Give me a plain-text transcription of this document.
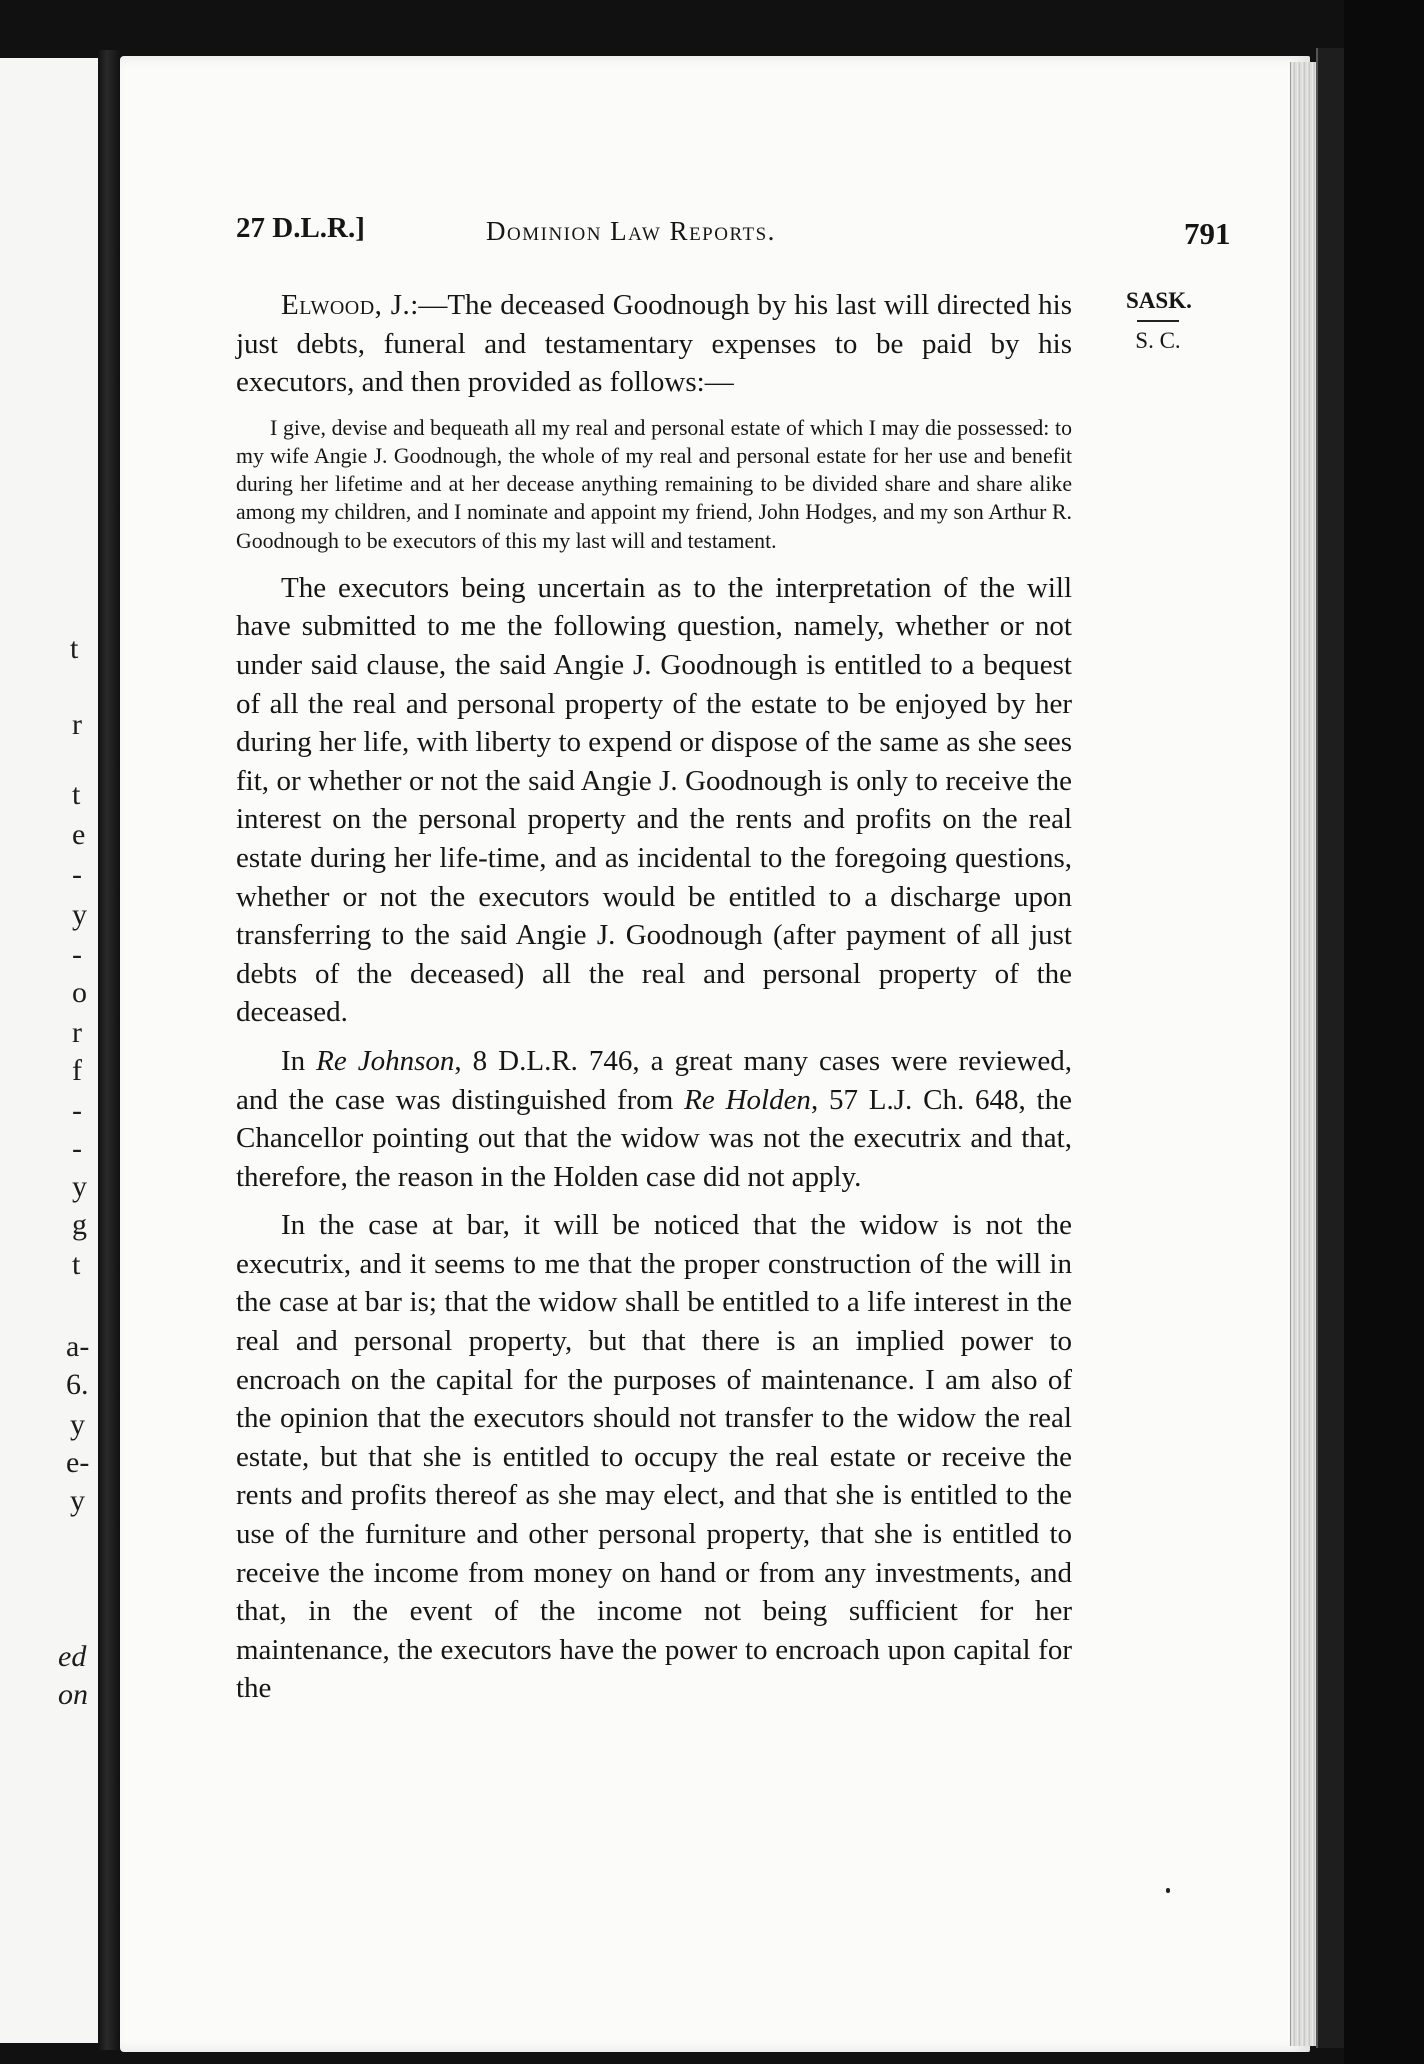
t
r
t
e
-
y
-
o
r
f
-
-
y
g
t
a-
6.
y
e-
y
ed
on
27 D.L.R.]	Dominion Law Reports.	791
SASK.
S. C.

Elwood, J.:—The deceased Goodnough by his last will directed his just debts, funeral and testamentary expenses to be paid by his executors, and then provided as follows:—

I give, devise and bequeath all my real and personal estate of which I may die possessed: to my wife Angie J. Goodnough, the whole of my real and personal estate for her use and benefit during her lifetime and at her decease anything remaining to be divided share and share alike among my children, and I nominate and appoint my friend, John Hodges, and my son Arthur R. Goodnough to be executors of this my last will and testament.

The executors being uncertain as to the interpretation of the will have submitted to me the following question, namely, whether or not under said clause, the said Angie J. Goodnough is entitled to a bequest of all the real and personal property of the estate to be enjoyed by her during her life, with liberty to expend or dispose of the same as she sees fit, or whether or not the said Angie J. Goodnough is only to receive the interest on the personal property and the rents and profits on the real estate during her life-time, and as incidental to the foregoing questions, whether or not the executors would be entitled to a discharge upon transferring to the said Angie J. Goodnough (after payment of all just debts of the deceased) all the real and personal property of the deceased.

In Re Johnson, 8 D.L.R. 746, a great many cases were reviewed, and the case was distinguished from Re Holden, 57 L.J. Ch. 648, the Chancellor pointing out that the widow was not the executrix and that, therefore, the reason in the Holden case did not apply.

In the case at bar, it will be noticed that the widow is not the executrix, and it seems to me that the proper construction of the will in the case at bar is; that the widow shall be entitled to a life interest in the real and personal property, but that there is an implied power to encroach on the capital for the purposes of maintenance. I am also of the opinion that the executors should not transfer to the widow the real estate, but that she is entitled to occupy the real estate or receive the rents and profits thereof as she may elect, and that she is entitled to the use of the furniture and other personal property, that she is entitled to receive the income from money on hand or from any investments, and that, in the event of the income not being sufficient for her maintenance, the executors have the power to encroach upon capital for the
